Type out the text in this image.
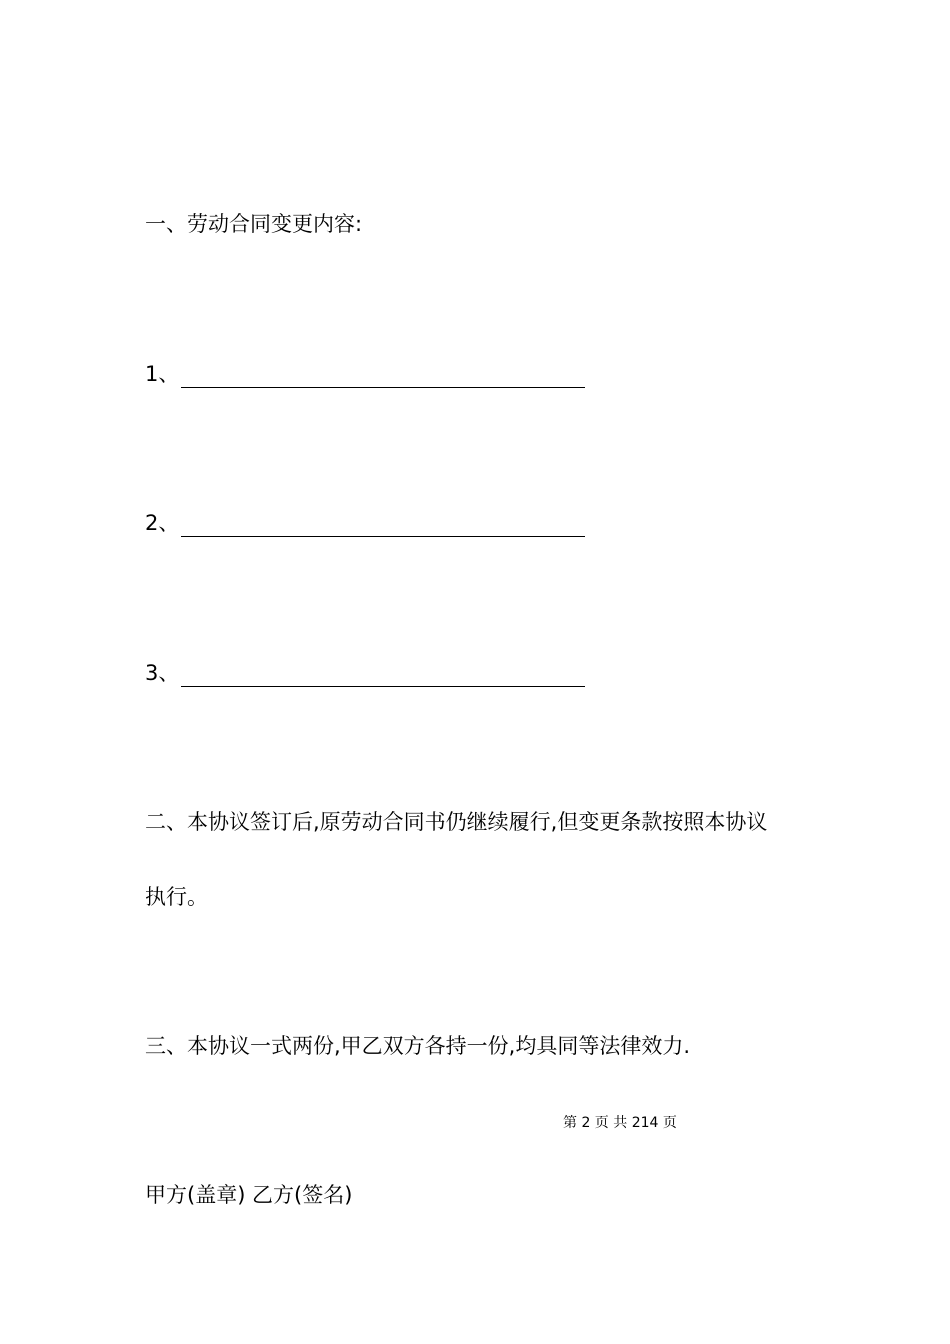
一、劳动合同变更内容:
1、
2、
3、
二、本协议签订后,原劳动合同书仍继续履行,但变更条款按照本协议
执行。
三、本协议一式两份,甲乙双方各持一份,均具同等法律效力.
第 2 页 共 214 页
甲方(盖章) 乙方(签名)
